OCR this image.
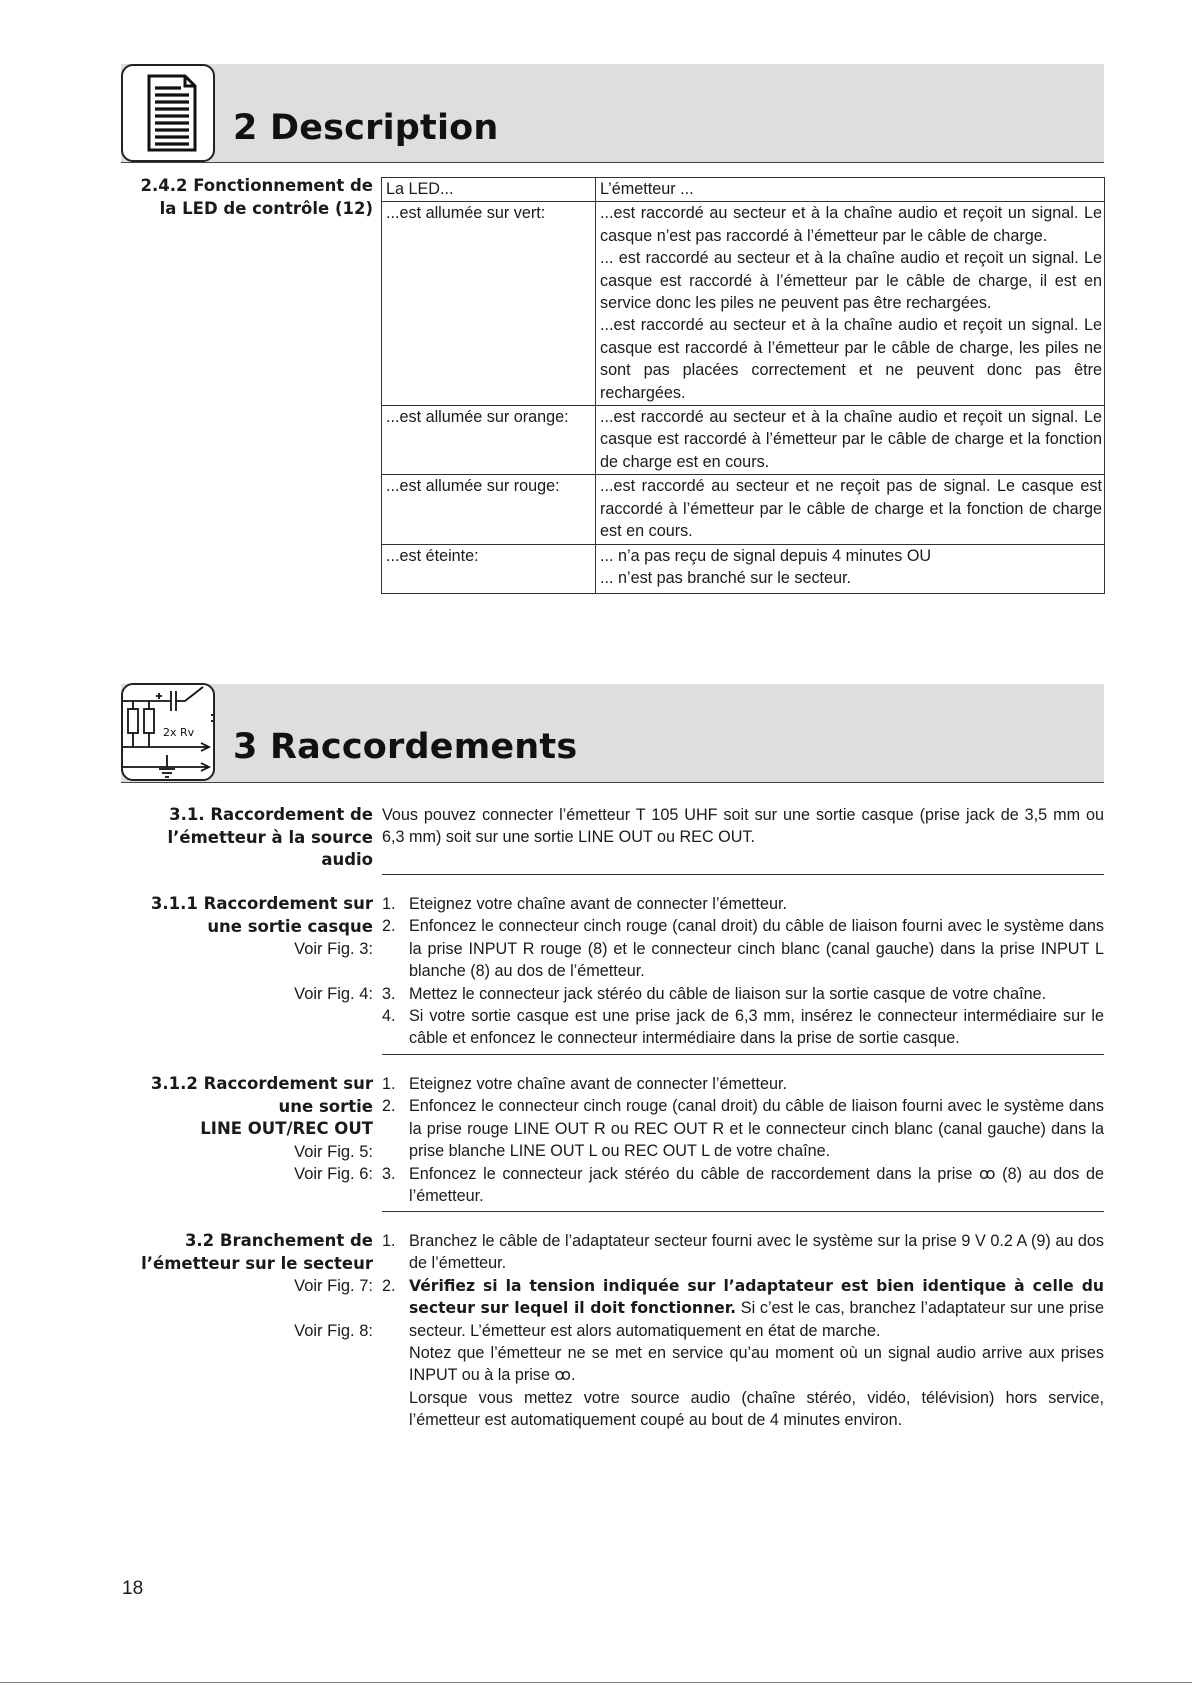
2 Description
2.4.2 Fonctionnement de
la LED de contrôle (12)
La LED...	L’émetteur ...
...est allumée sur vert:	...est raccordé au secteur et à la chaîne audio et reçoit un signal. Le casque n’est pas raccordé à l’émetteur par le câble de charge.
... est raccordé au secteur et à la chaîne audio et reçoit un signal. Le casque est raccordé à l’émetteur par le câble de charge, il est en service donc les piles ne peuvent pas être rechargées.
...est raccordé au secteur et à la chaîne audio et reçoit un signal. Le casque est raccordé à l’émetteur par le câble de charge, les piles ne sont pas placées correctement et ne peuvent donc pas être rechargées.

...est allumée sur orange:	...est raccordé au secteur et à la chaîne audio et reçoit un signal. Le casque est raccordé à l’émetteur par le câble de charge et la fonction de charge est en cours.

...est allumée sur rouge:	...est raccordé au secteur et ne reçoit pas de signal. Le casque est raccordé à l’émetteur par le câble de charge et la fonction de charge est en cours.

...est éteinte:	... n’a pas reçu de signal depuis 4 minutes OU
... n’est pas branché sur le secteur.
2x Rv 3 Raccordements
3.1. Raccordement de
l’émetteur à la source
audio
Vous pouvez connecter l’émetteur T 105 UHF soit sur une sortie casque (prise jack de 3,5 mm ou 6,3 mm) soit sur une sortie LINE OUT ou REC OUT.
3.1.1 Raccordement sur
une sortie casque

Voir Fig. 3:
Voir Fig. 4:
1. Eteignez votre chaîne avant de connecter l’émetteur.
2. Enfoncez le connecteur cinch rouge (canal droit) du câble de liaison fourni avec le système dans la prise INPUT R rouge (8) et le connecteur cinch blanc (canal gauche) dans la prise INPUT L blanche (8) au dos de l’émetteur.
3. Mettez le connecteur jack stéréo du câble de liaison sur la sortie casque de votre chaîne.
4. Si votre sortie casque est une prise jack de 6,3 mm, insérez le connecteur intermédiaire sur le câble et enfoncez le connecteur intermédiaire dans la prise de sortie casque.
3.1.2 Raccordement sur
une sortie
LINE OUT/REC OUT

Voir Fig. 5:
Voir Fig. 6:
1. Eteignez votre chaîne avant de connecter l’émetteur.
2. Enfoncez le connecteur cinch rouge (canal droit) du câble de liaison fourni avec le système dans la prise rouge LINE OUT R ou REC OUT R et le connecteur cinch blanc (canal gauche) dans la prise blanche LINE OUT L ou REC OUT L de votre chaîne.
3. Enfoncez le connecteur jack stéréo du câble de raccordement dans la prise ꝏ (8) au dos de l’émetteur.
3.2 Branchement de
l’émetteur sur le secteur

Voir Fig. 7:
Voir Fig. 8:
1. Branchez le câble de l’adaptateur secteur fourni avec le système sur la prise 9 V 0.2 A (9) au dos de l’émetteur.
2. Vérifiez si la tension indiquée sur l’adaptateur est bien identique à celle du secteur sur lequel il doit fonctionner. Si c’est le cas, branchez l’adaptateur sur une prise secteur. L’émetteur est alors automatiquement en état de marche.
Notez que l’émetteur ne se met en service qu’au moment où un signal audio arrive aux prises INPUT ou à la prise ꝏ.
Lorsque vous mettez votre source audio (chaîne stéréo, vidéo, télévision) hors service, l’émetteur est automatiquement coupé au bout de 4 minutes environ.
18
